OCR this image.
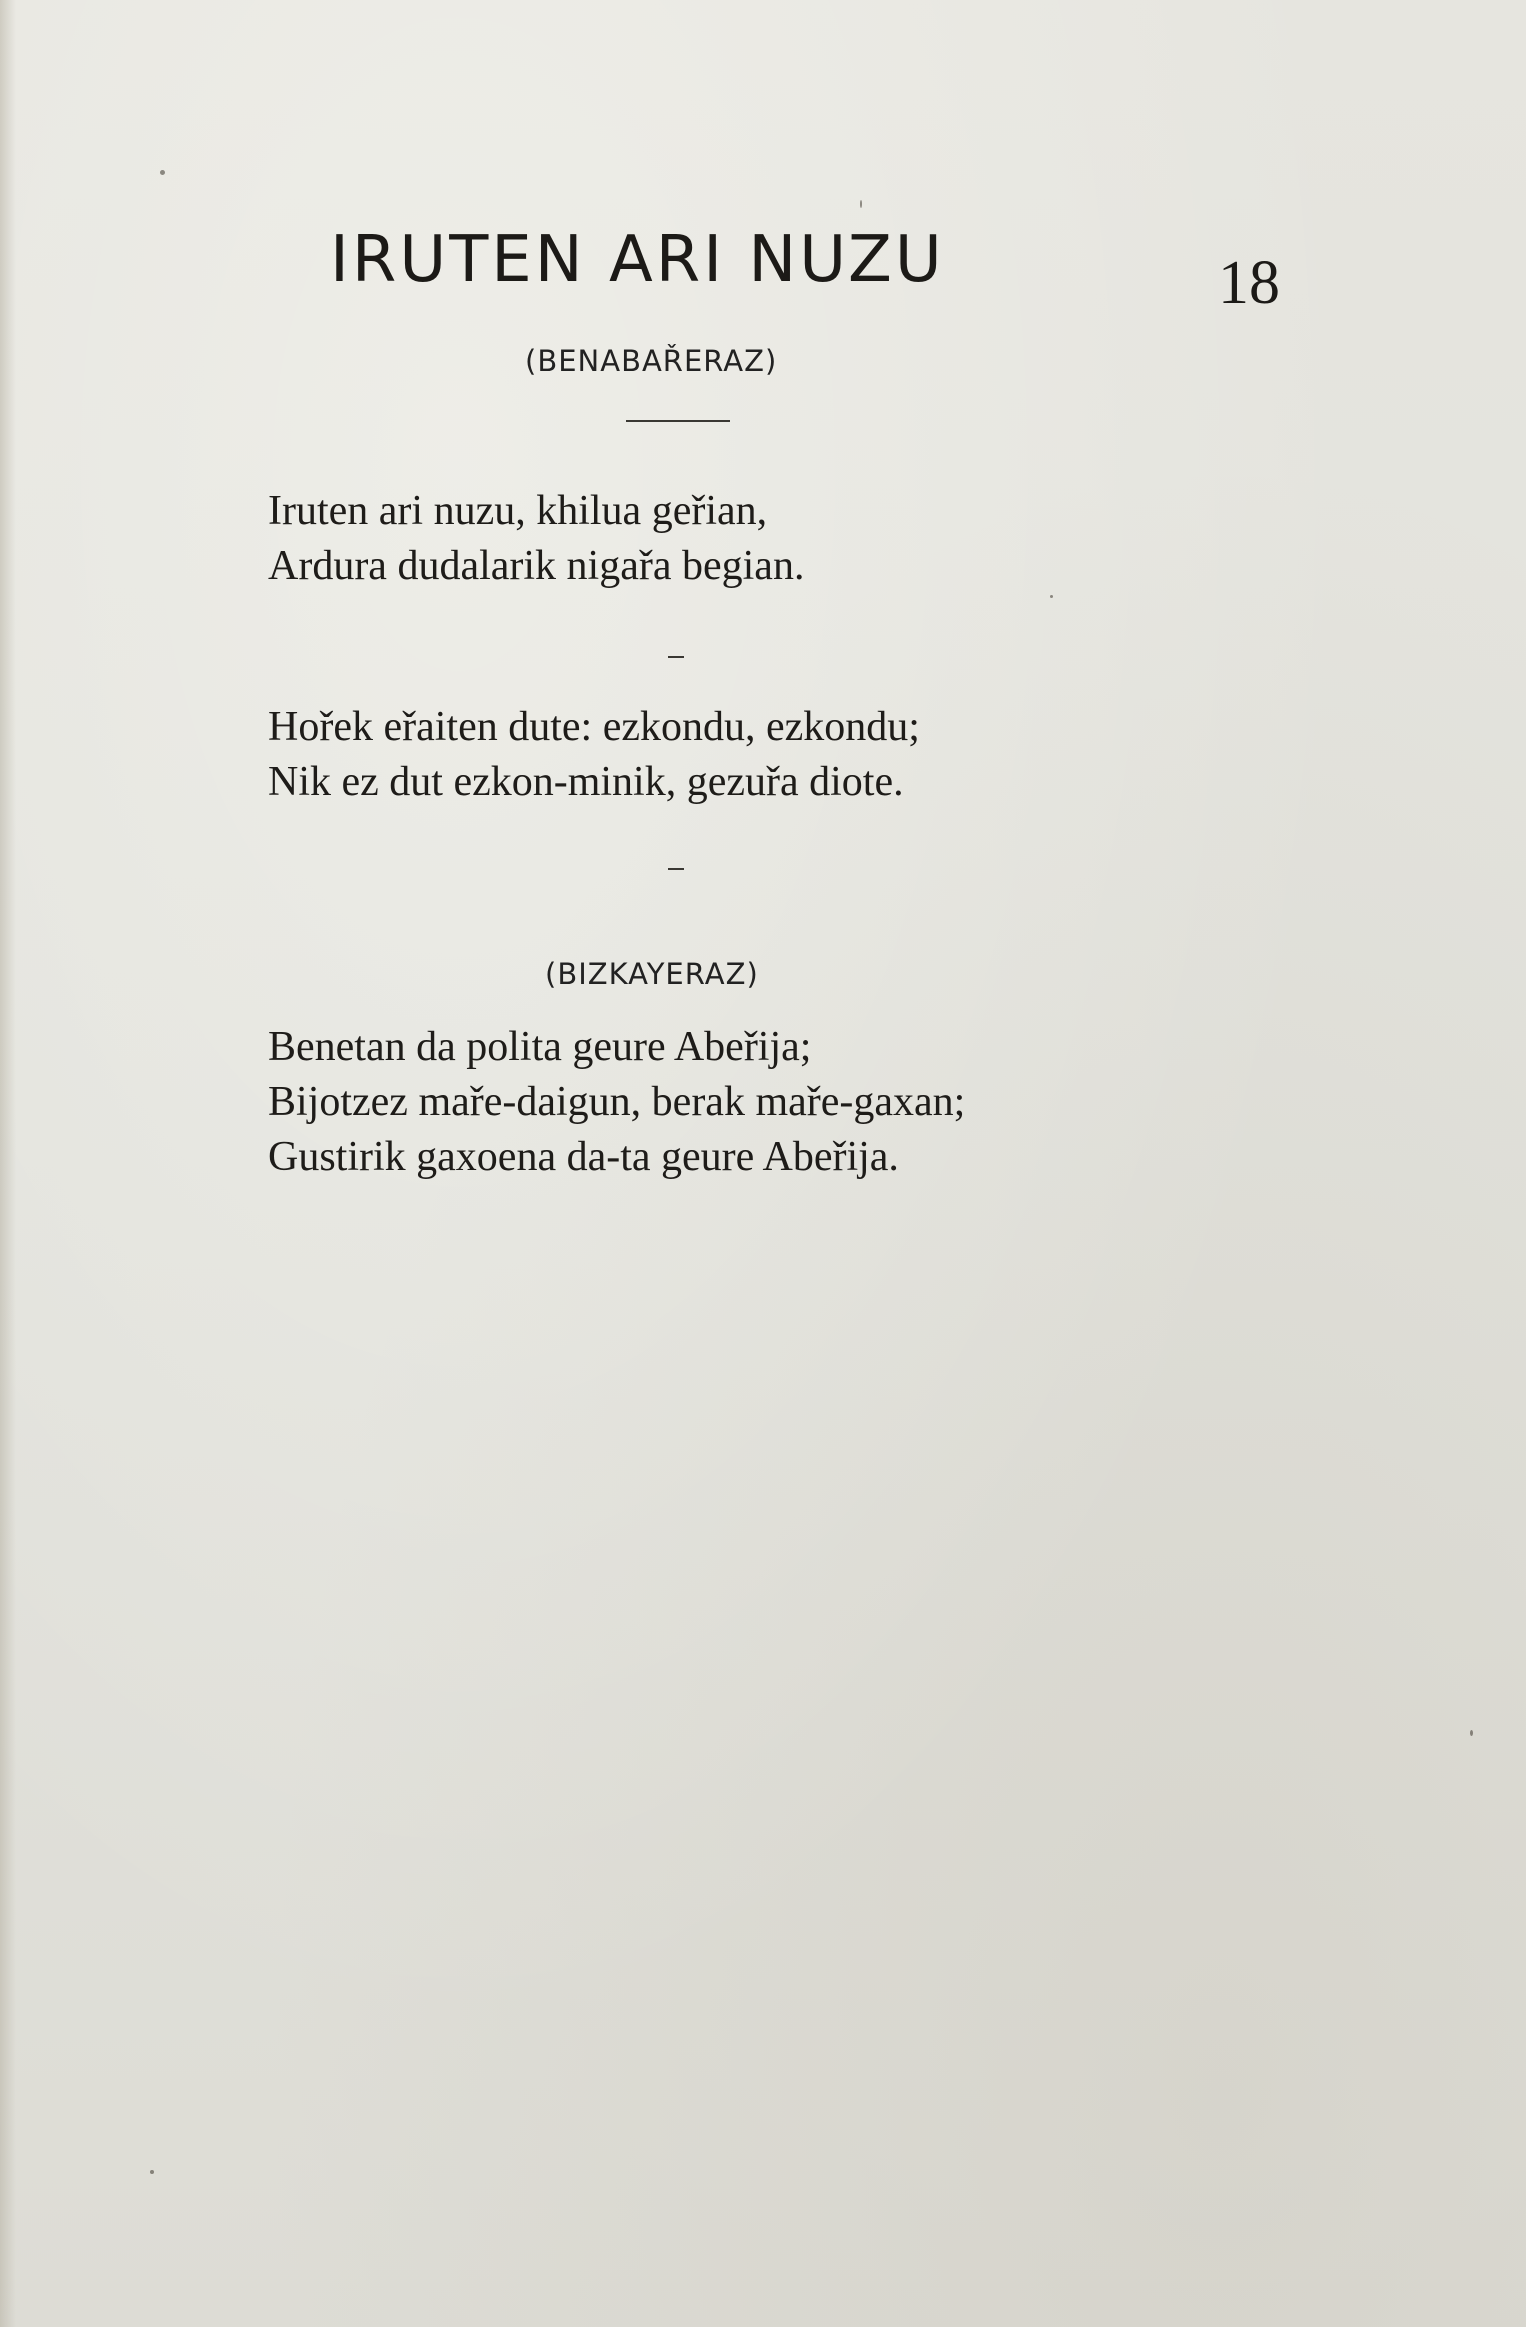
IRUTEN ARI NUZU	18
(BENABAŘERAZ)
Iruten ari nuzu, khilua geřian,
Ardura dudalarik nigařa begian.
Hořek eřaiten dute: ezkondu, ezkondu;
Nik ez dut ezkon-minik, gezuřa diote.
(BIZKAYERAZ)
Benetan da polita geure Abeřija;
Bijotzez maře-daigun, berak maře-gaxan;
Gustirik gaxoena da-ta geure Abeřija.
